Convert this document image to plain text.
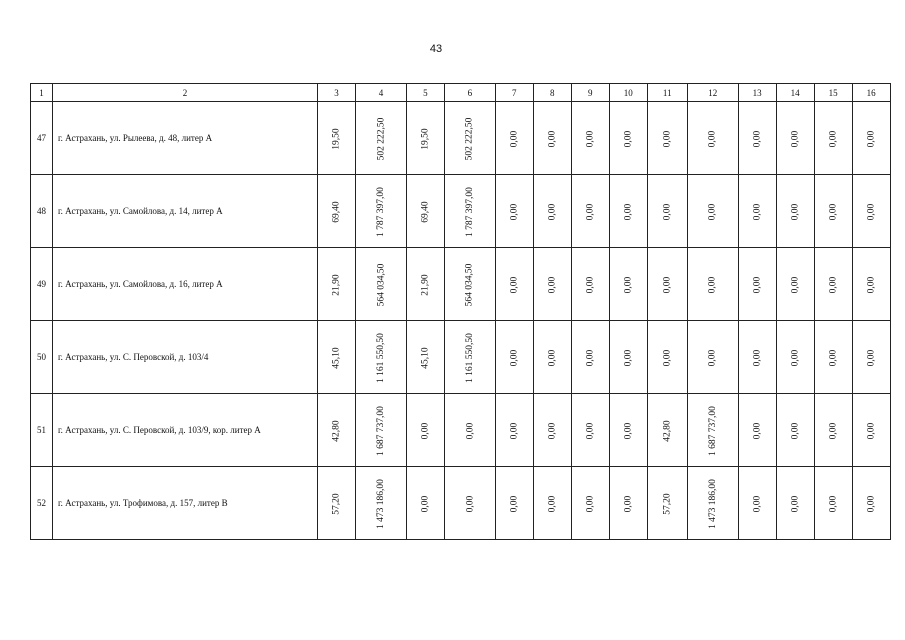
43
1	2	3	4	5	6	7	8	9	10	11	12	13	14	15	16
47	г. Астрахань, ул. Рылеева, д. 48, литер А	19,50	502 222,50	19,50	502 222,50	0,00	0,00	0,00	0,00	0,00	0,00	0,00	0,00	0,00	0,00
48	г. Астрахань, ул. Самойлова, д. 14, литер А	69,40	1 787 397,00	69,40	1 787 397,00	0,00	0,00	0,00	0,00	0,00	0,00	0,00	0,00	0,00	0,00
49	г. Астрахань, ул. Самойлова, д. 16, литер А	21,90	564 034,50	21,90	564 034,50	0,00	0,00	0,00	0,00	0,00	0,00	0,00	0,00	0,00	0,00
50	г. Астрахань, ул. С. Перовской, д. 103/4	45,10	1 161 550,50	45,10	1 161 550,50	0,00	0,00	0,00	0,00	0,00	0,00	0,00	0,00	0,00	0,00
51	г. Астрахань, ул. С. Перовской, д. 103/9, кор. литер А	42,80	1 687 737,00	0,00	0,00	0,00	0,00	0,00	0,00	42,80	1 687 737,00	0,00	0,00	0,00	0,00
52	г. Астрахань, ул. Трофимова, д. 157, литер В	57,20	1 473 186,00	0,00	0,00	0,00	0,00	0,00	0,00	57,20	1 473 186,00	0,00	0,00	0,00	0,00
